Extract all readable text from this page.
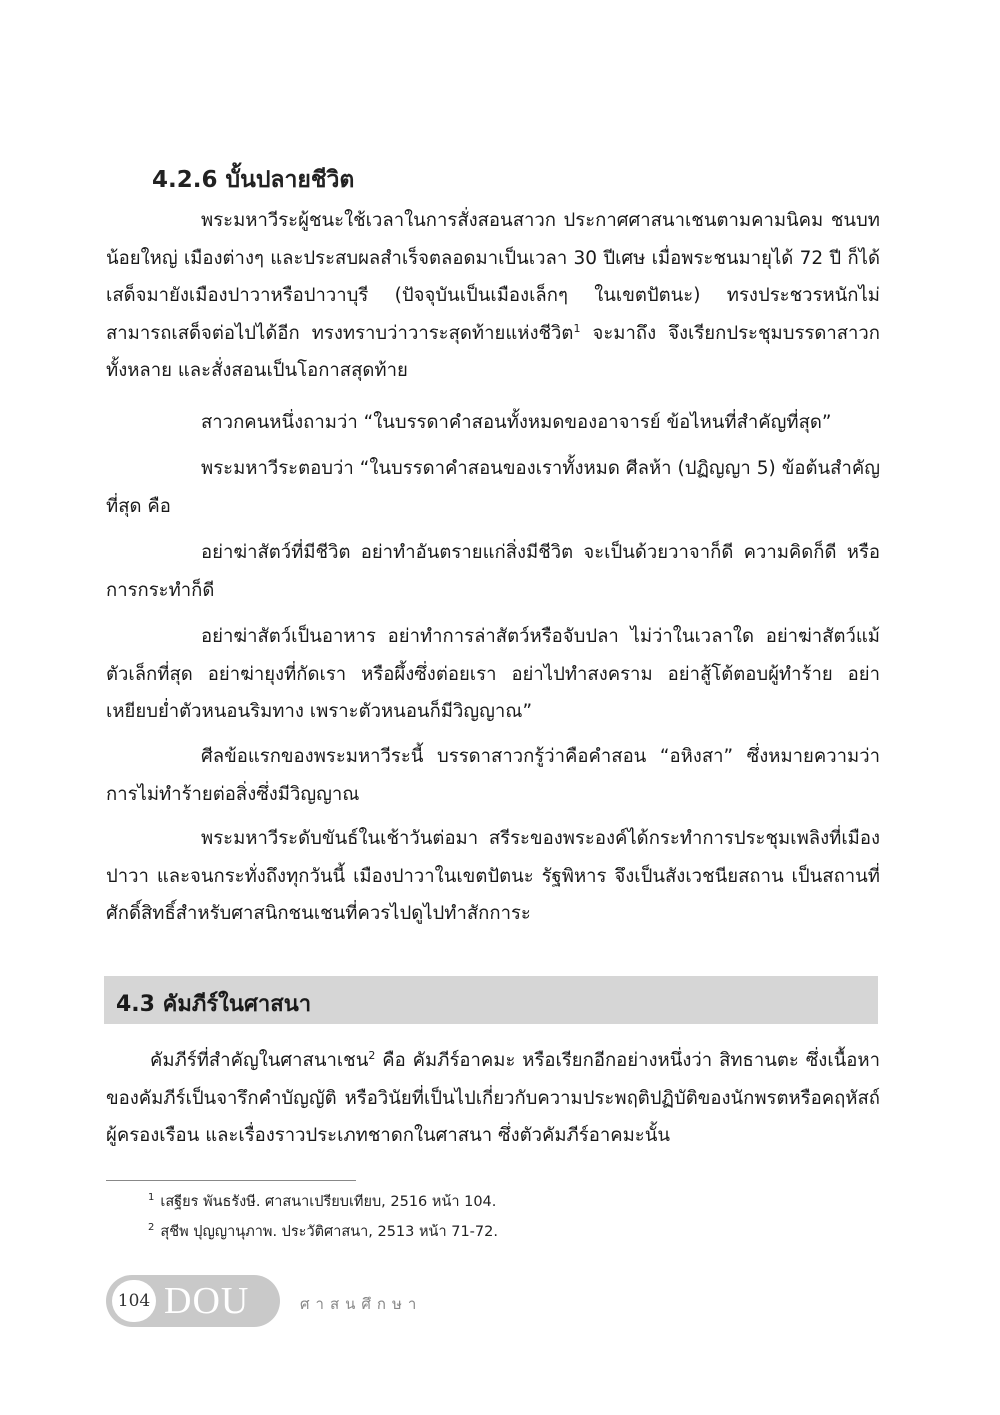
4.2.6 บั้นปลายชีวิต

พระมหาวีระผู้ชนะใช้เวลาในการสั่งสอนสาวก ประกาศศาสนาเชนตามคามนิคม ชนบทน้อยใหญ่ เมืองต่างๆ และประสบผลสำเร็จตลอดมาเป็นเวลา 30 ปีเศษ เมื่อพระชนมายุได้ 72 ปี ก็ได้เสด็จมายังเมืองปาวาหรือปาวาบุรี (ปัจจุบันเป็นเมืองเล็กๆ ในเขตปัตนะ) ทรงประชวรหนักไม่สามารถเสด็จต่อไปได้อีก ทรงทราบว่าวาระสุดท้ายแห่งชีวิต$^1$ จะมาถึง จึงเรียกประชุมบรรดาสาวกทั้งหลาย และสั่งสอนเป็นโอกาสสุดท้าย

สาวกคนหนึ่งถามว่า “ในบรรดาคำสอนทั้งหมดของอาจารย์ ข้อไหนที่สำคัญที่สุด”

พระมหาวีระตอบว่า “ในบรรดาคำสอนของเราทั้งหมด ศีลห้า (ปฏิญญา 5) ข้อต้นสำคัญที่สุด คือ

อย่าฆ่าสัตว์ที่มีชีวิต อย่าทำอันตรายแก่สิ่งมีชีวิต จะเป็นด้วยวาจาก็ดี ความคิดก็ดี หรือการกระทำก็ดี

อย่าฆ่าสัตว์เป็นอาหาร อย่าทำการล่าสัตว์หรือจับปลา ไม่ว่าในเวลาใด อย่าฆ่าสัตว์แม้ตัวเล็กที่สุด อย่าฆ่ายุงที่กัดเรา หรือผึ้งซึ่งต่อยเรา อย่าไปทำสงคราม อย่าสู้โต้ตอบผู้ทำร้าย อย่าเหยียบย่ำตัวหนอนริมทาง เพราะตัวหนอนก็มีวิญญาณ”

ศีลข้อแรกของพระมหาวีระนี้ บรรดาสาวกรู้ว่าคือคำสอน “อหิงสา” ซึ่งหมายความว่า การไม่ทำร้ายต่อสิ่งซึ่งมีวิญญาณ

พระมหาวีระดับขันธ์ในเช้าวันต่อมา สรีระของพระองค์ได้กระทำการประชุมเพลิงที่เมืองปาวา และจนกระทั่งถึงทุกวันนี้ เมืองปาวาในเขตปัตนะ รัฐพิหาร จึงเป็นสังเวชนียสถาน เป็นสถานที่ศักดิ์สิทธิ์สำหรับศาสนิกชนเชนที่ควรไปดูไปทำสักการะ

4.3 คัมภีร์ในศาสนา

คัมภีร์ที่สำคัญในศาสนาเชน$^2$ คือ คัมภีร์อาคมะ หรือเรียกอีกอย่างหนึ่งว่า สิทธานตะ ซึ่งเนื้อหาของคัมภีร์เป็นจารึกคำบัญญัติ หรือวินัยที่เป็นไปเกี่ยวกับความประพฤติปฏิบัติของนักพรตหรือคฤหัสถ์ผู้ครองเรือน และเรื่องราวประเภทชาดกในศาสนา ซึ่งตัวคัมภีร์อาคมะนั้น

$^1$ เสฐียร พันธรังษี. ศาสนาเปรียบเทียบ, 2516 หน้า 104.
$^2$ สุชีพ ปุญญานุภาพ. ประวัติศาสนา, 2513 หน้า 71-72.
104 DOU	ศาสนศึกษา
